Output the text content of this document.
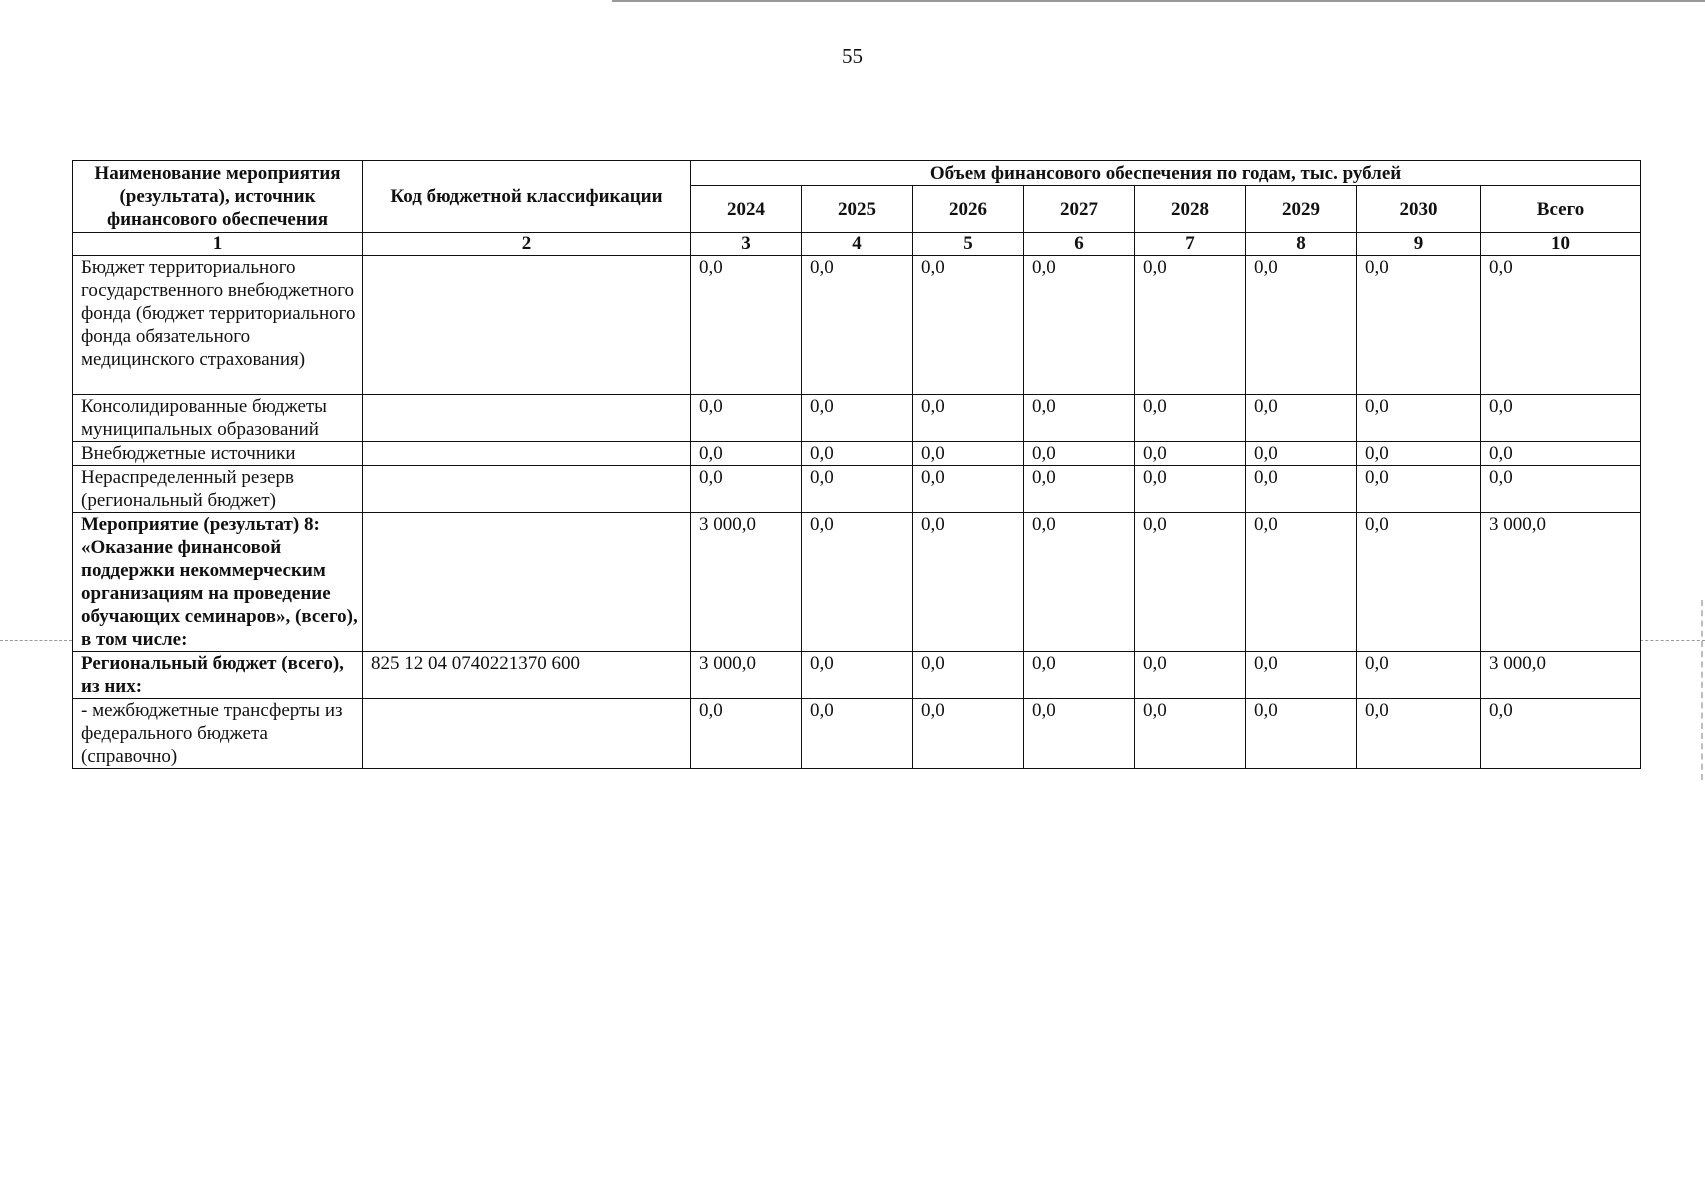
55
Наименование мероприятия (результата), источник финансового обеспечения	Код бюджетной классификации	Объем финансового обеспечения по годам, тыс. рублей							
		2024	2025	2026	2027	2028	2029	2030	Всего
1	2	3	4	5	6	7	8	9	10
Бюджет территориального государственного внебюджетного фонда (бюджет территориального фонда обязательного медицинского страхования)		0,0	0,0	0,0	0,0	0,0	0,0	0,0	0,0
Консолидированные бюджеты муниципальных образований		0,0	0,0	0,0	0,0	0,0	0,0	0,0	0,0
Внебюджетные источники		0,0	0,0	0,0	0,0	0,0	0,0	0,0	0,0
Нераспределенный резерв (региональный бюджет)		0,0	0,0	0,0	0,0	0,0	0,0	0,0	0,0
Мероприятие (результат) 8: «Оказание финансовой поддержки некоммерческим организациям на проведение обучающих семинаров», (всего), в том числе:		3 000,0	0,0	0,0	0,0	0,0	0,0	0,0	3 000,0
Региональный бюджет (всего), из них:	825 12 04 0740221370 600	3 000,0	0,0	0,0	0,0	0,0	0,0	0,0	3 000,0
- межбюджетные трансферты из федерального бюджета (справочно)		0,0	0,0	0,0	0,0	0,0	0,0	0,0	0,0
